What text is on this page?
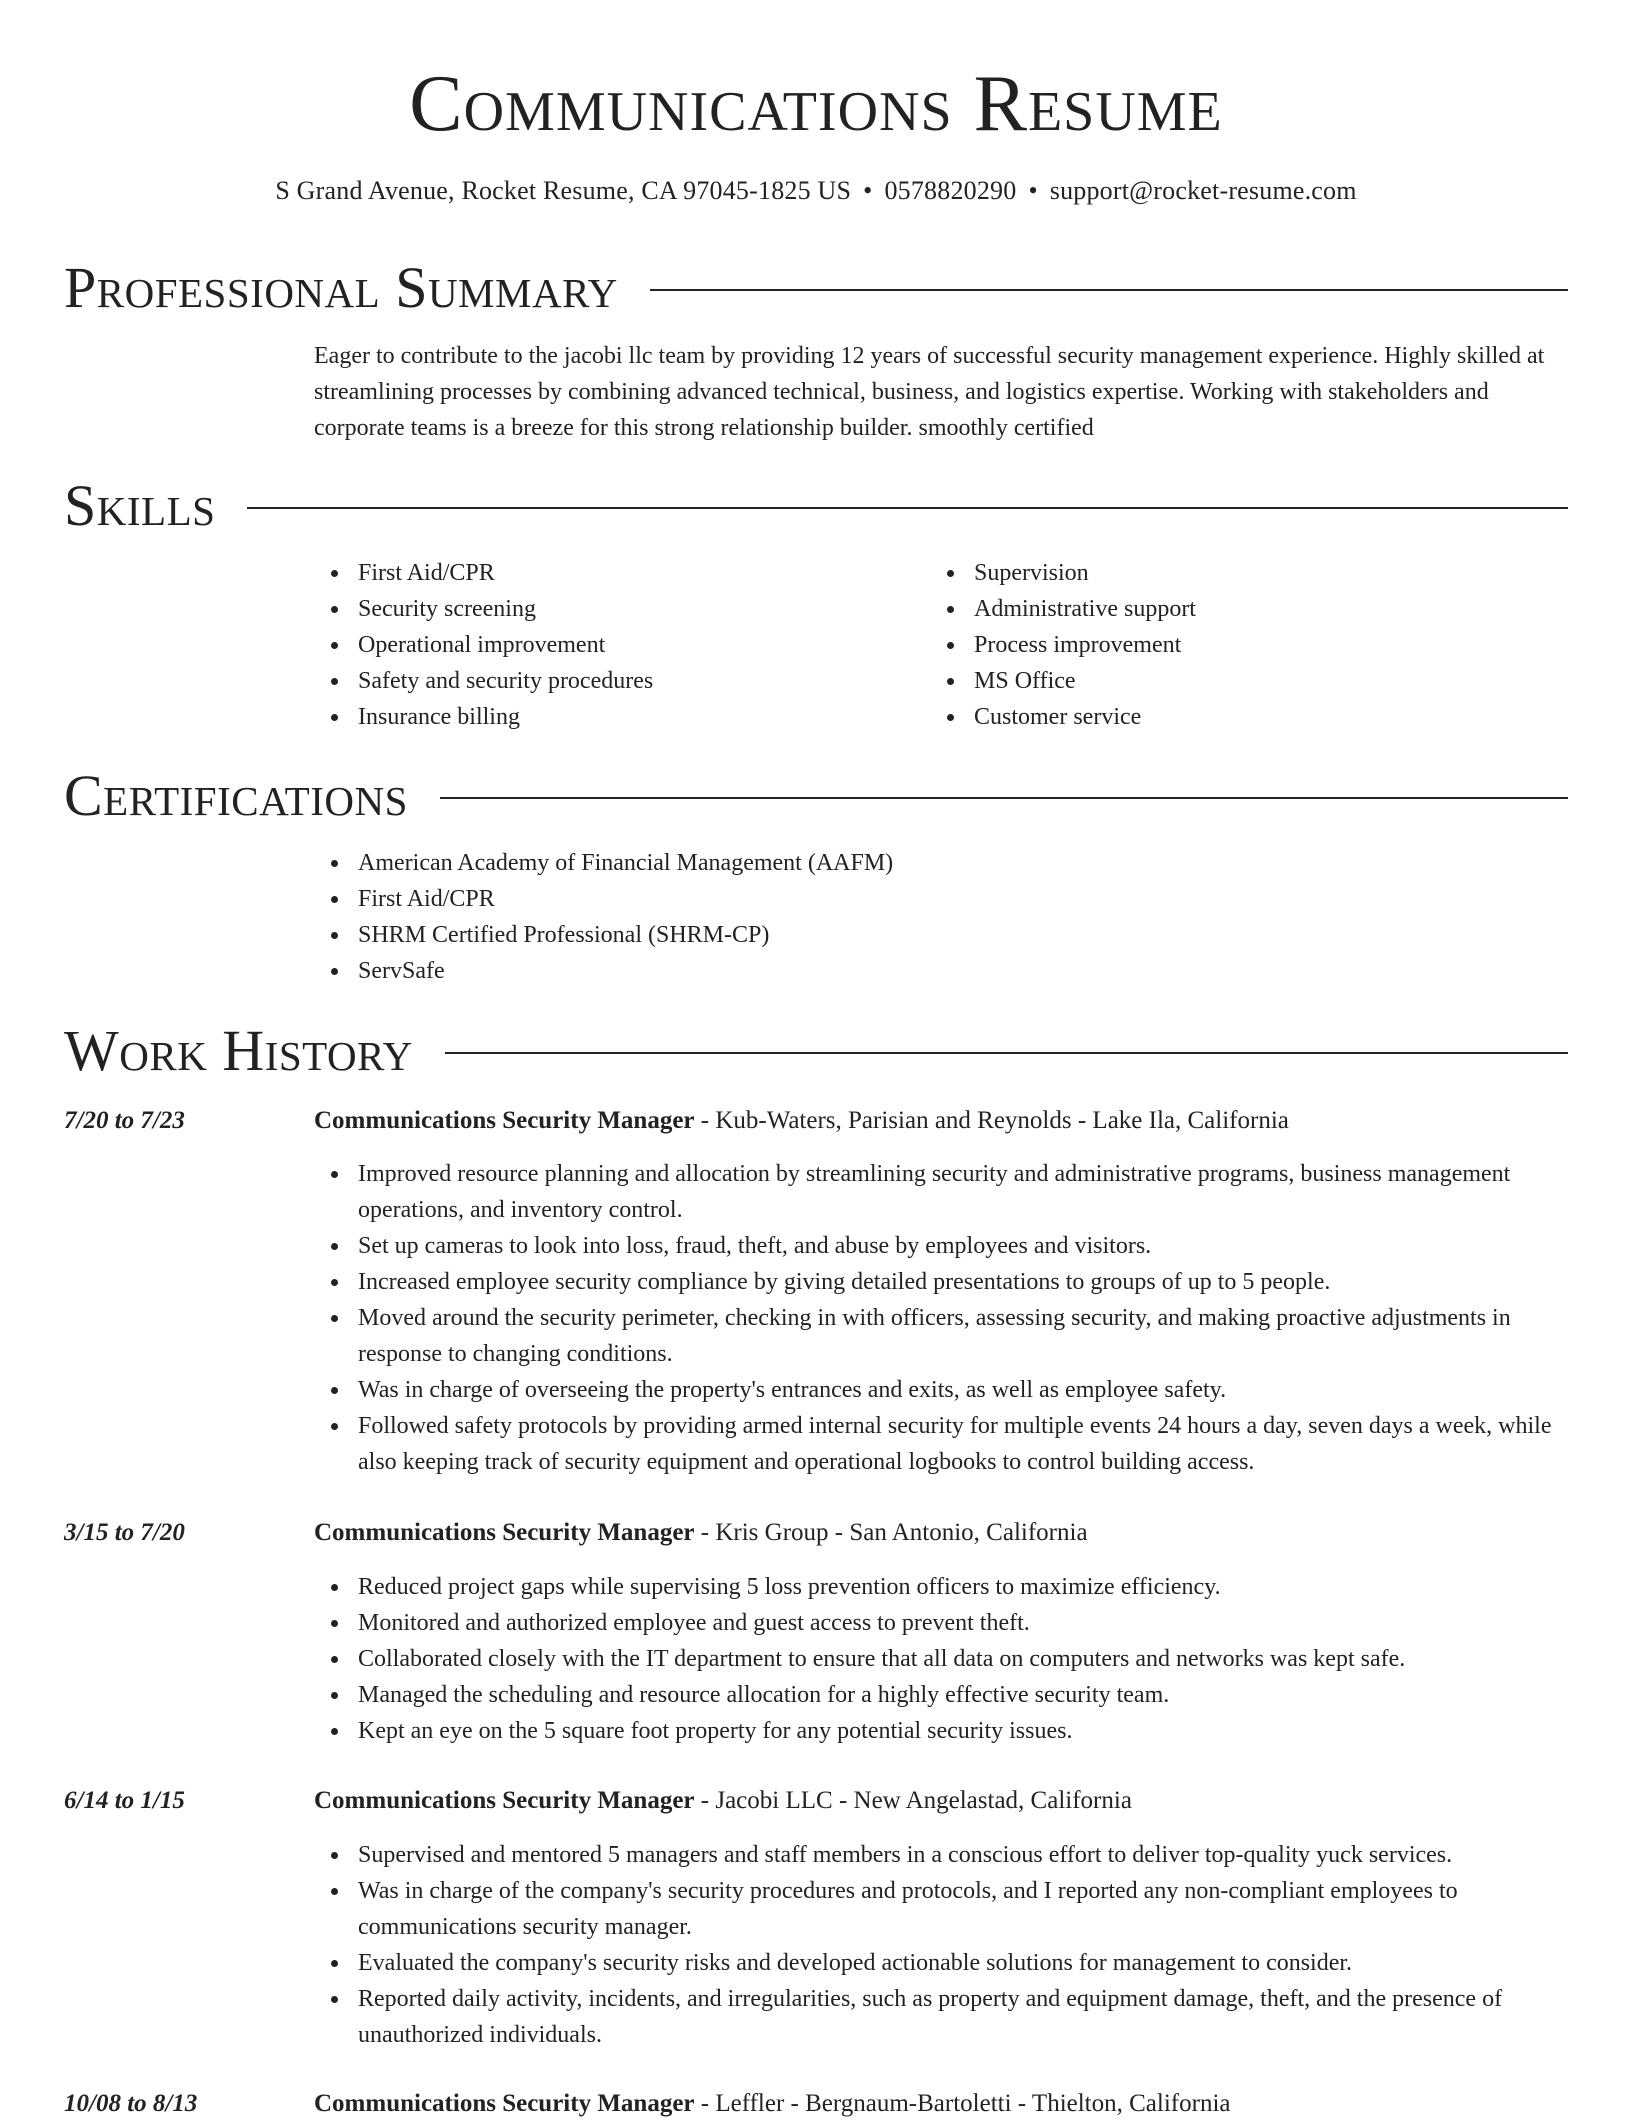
Communications Resume
S Grand Avenue, Rocket Resume, CA 97045-1825 US • 0578820290 • support@rocket-resume.com
Professional Summary
Eager to contribute to the jacobi llc team by providing 12 years of successful security management experience. Highly skilled at streamlining processes by combining advanced technical, business, and logistics expertise. Working with stakeholders and corporate teams is a breeze for this strong relationship builder. smoothly certified
Skills
First Aid/CPR
Security screening
Operational improvement
Safety and security procedures
Insurance billing
Supervision
Administrative support
Process improvement
MS Office
Customer service
Certifications
American Academy of Financial Management (AAFM)
First Aid/CPR
SHRM Certified Professional (SHRM-CP)
ServSafe
Work History
7/20 to 7/23	Communications Security Manager - Kub-Waters, Parisian and Reynolds - Lake Ila, California
Improved resource planning and allocation by streamlining security and administrative programs, business management operations, and inventory control.
Set up cameras to look into loss, fraud, theft, and abuse by employees and visitors.
Increased employee security compliance by giving detailed presentations to groups of up to 5 people.
Moved around the security perimeter, checking in with officers, assessing security, and making proactive adjustments in response to changing conditions.
Was in charge of overseeing the property's entrances and exits, as well as employee safety.
Followed safety protocols by providing armed internal security for multiple events 24 hours a day, seven days a week, while also keeping track of security equipment and operational logbooks to control building access.
3/15 to 7/20	Communications Security Manager - Kris Group - San Antonio, California
Reduced project gaps while supervising 5 loss prevention officers to maximize efficiency.
Monitored and authorized employee and guest access to prevent theft.
Collaborated closely with the IT department to ensure that all data on computers and networks was kept safe.
Managed the scheduling and resource allocation for a highly effective security team.
Kept an eye on the 5 square foot property for any potential security issues.
6/14 to 1/15	Communications Security Manager - Jacobi LLC - New Angelastad, California
Supervised and mentored 5 managers and staff members in a conscious effort to deliver top-quality yuck services.
Was in charge of the company's security procedures and protocols, and I reported any non-compliant employees to communications security manager.
Evaluated the company's security risks and developed actionable solutions for management to consider.
Reported daily activity, incidents, and irregularities, such as property and equipment damage, theft, and the presence of unauthorized individuals.
10/08 to 8/13	Communications Security Manager - Leffler - Bergnaum-Bartoletti - Thielton, California
